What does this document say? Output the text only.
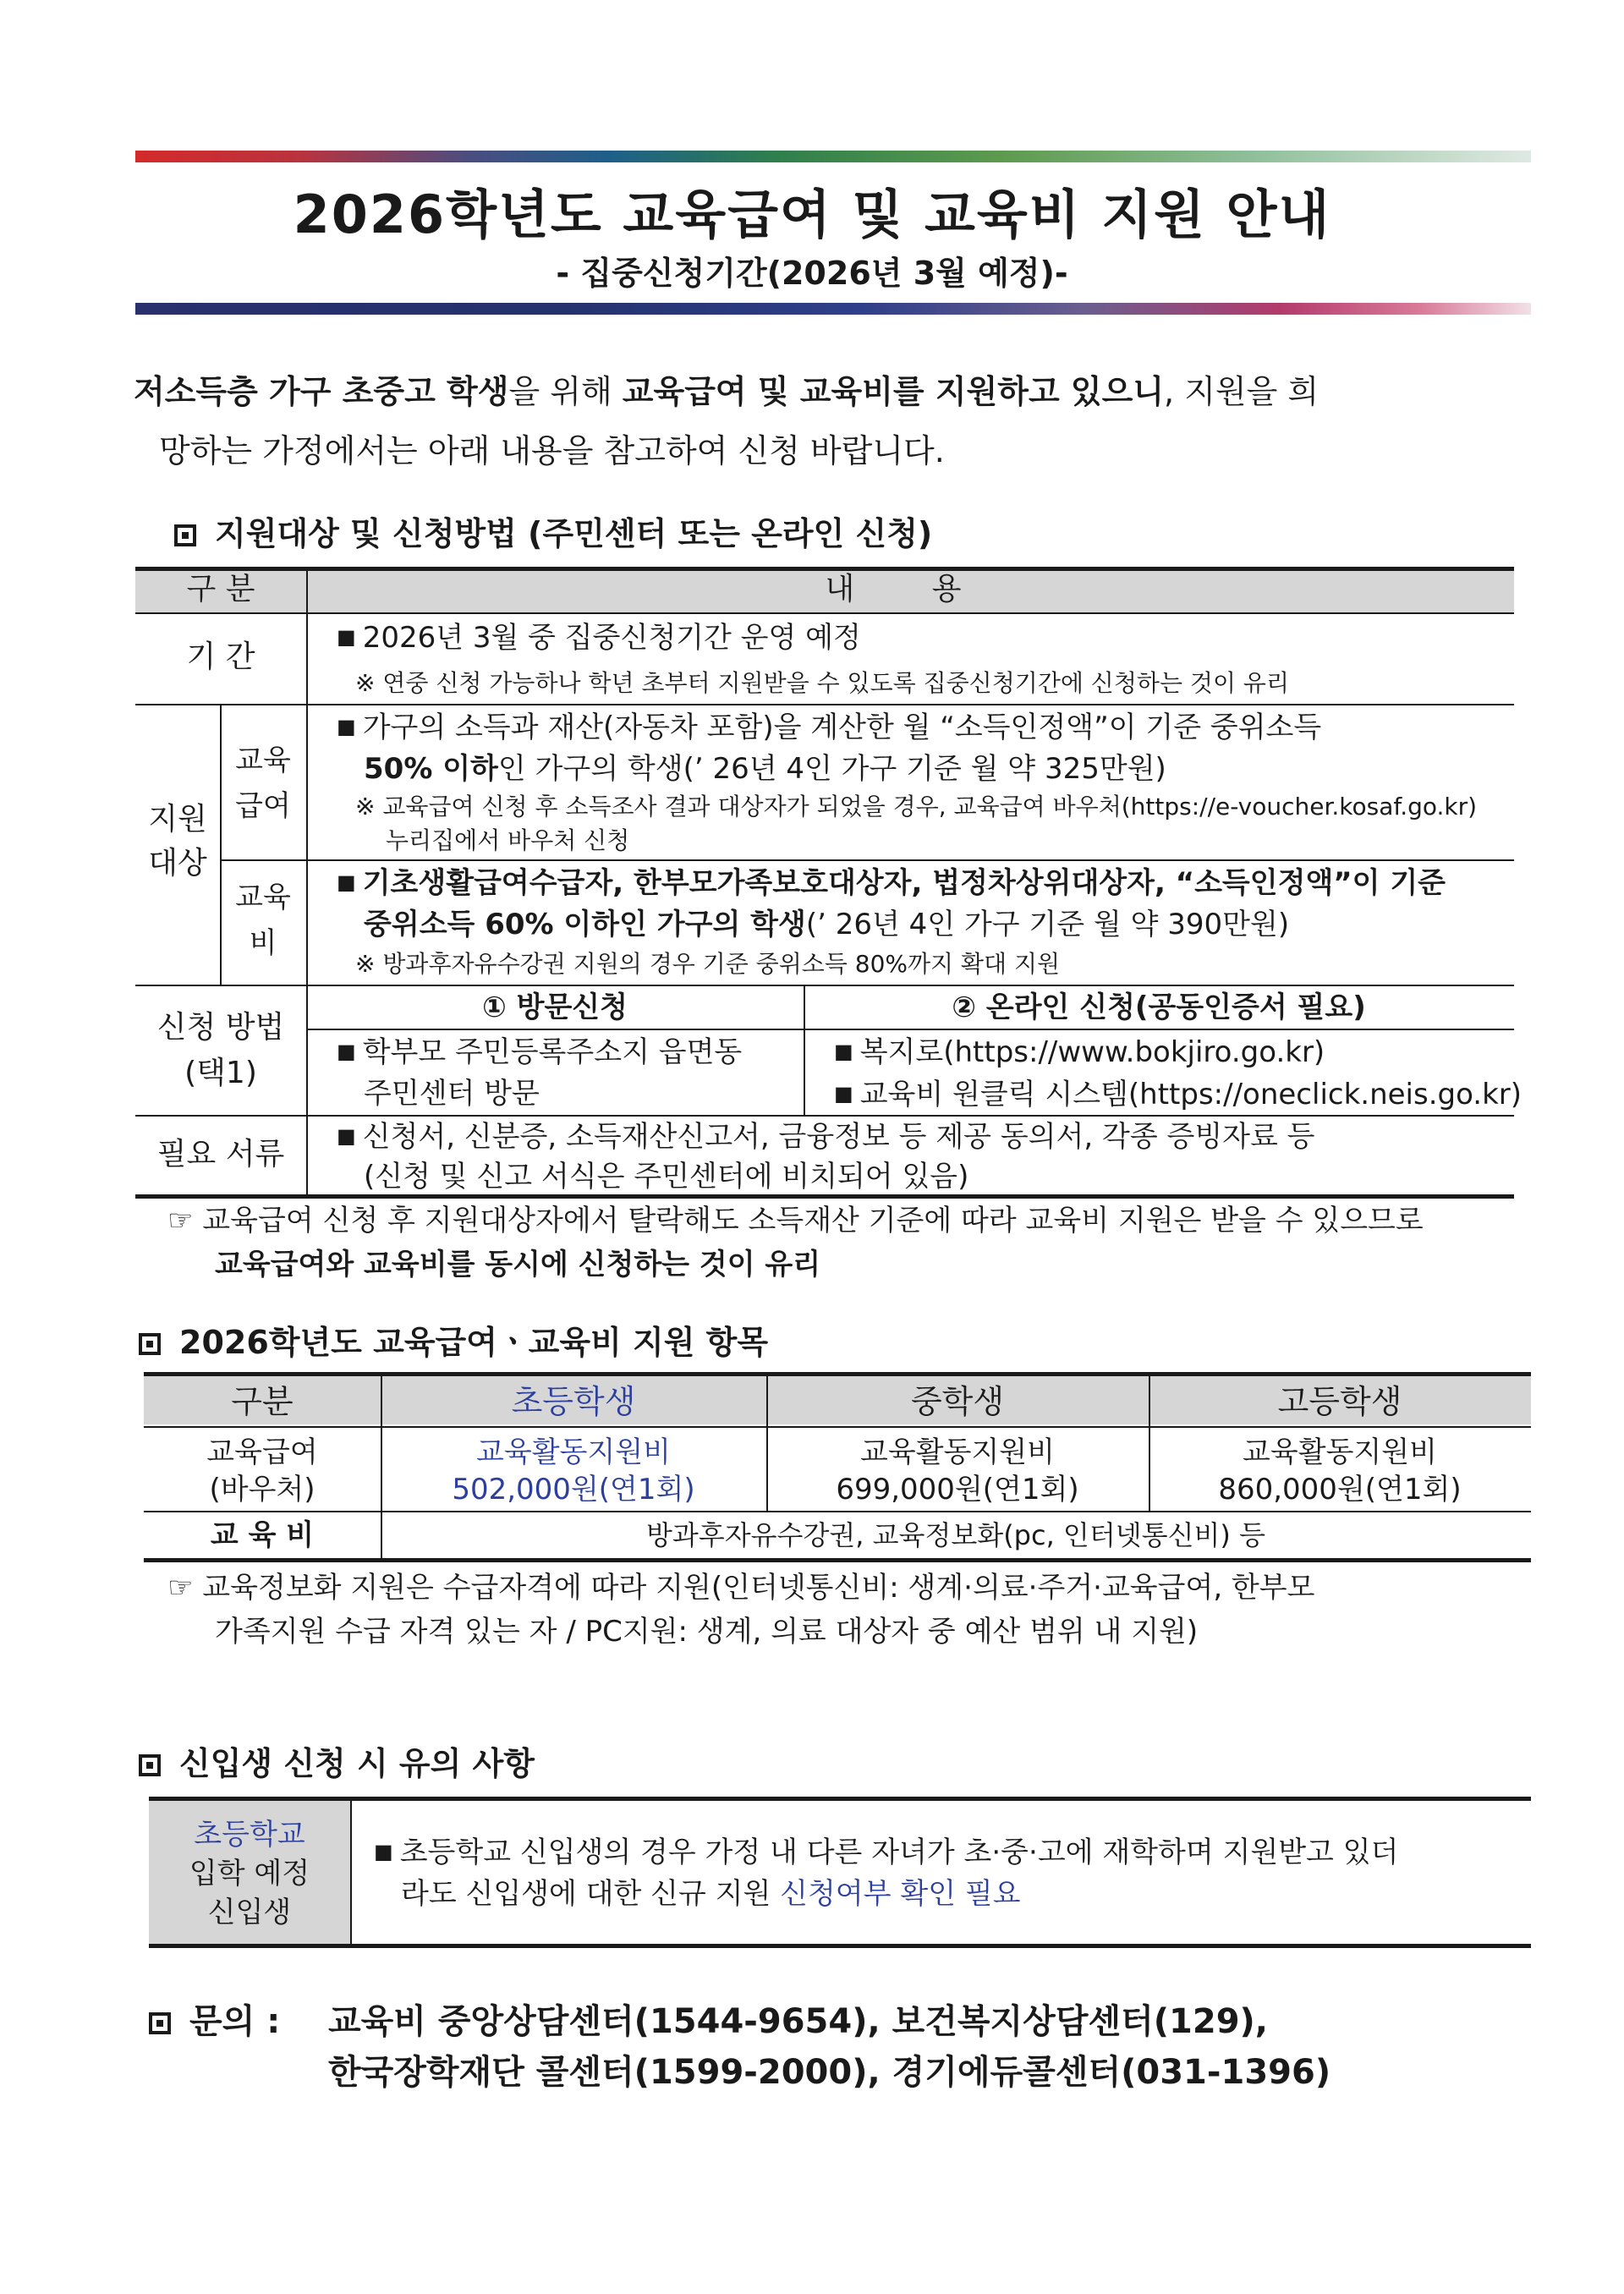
2026학년도 교육급여 및 교육비 지원 안내
- 집중신청기간(2026년 3월 예정)-
저소득층 가구 초중고 학생을 위해 교육급여 및 교육비를 지원하고 있으니, 지원을 희
망하는 가정에서는 아래 내용을 참고하여 신청 바랍니다.
지원대상 및 신청방법 (주민센터 또는 온라인 신청)
구 분	내 용
기 간
■ 2026년 3월 중 집중신청기간 운영 예정
※ 연중 신청 가능하나 학년 초부터 지원받을 수 있도록 집중신청기간에 신청하는 것이 유리
지원
대상
교육
급여
■ 가구의 소득과 재산(자동차 포함)을 계산한 월 “소득인정액”이 기준 중위소득
50% 이하인 가구의 학생(’ 26년 4인 가구 기준 월 약 325만원)
※ 교육급여 신청 후 소득조사 결과 대상자가 되었을 경우, 교육급여 바우처(https://e-voucher.kosaf.go.kr)
누리집에서 바우처 신청
교육
비
■ 기초생활급여수급자, 한부모가족보호대상자, 법정차상위대상자, “소득인정액”이 기준
중위소득 60% 이하인 가구의 학생(’ 26년 4인 가구 기준 월 약 390만원)
※ 방과후자유수강권 지원의 경우 기준 중위소득 80%까지 확대 지원
신청 방법
(택1)
① 방문신청	② 온라인 신청(공동인증서 필요)
■ 학부모 주민등록주소지 읍면동
주민센터 방문
■ 복지로(https://www.bokjiro.go.kr)
■ 교육비 원클릭 시스템(https://oneclick.neis.go.kr)
필요 서류
■	신청서, 신분증, 소득재산신고서, 금융정보 등 제공 동의서, 각종 증빙자료 등
(신청 및 신고 서식은 주민센터에 비치되어 있음)
☞ 교육급여 신청 후 지원대상자에서 탈락해도 소득재산 기준에 따라 교육비 지원은 받을 수 있으므로
교육급여와 교육비를 동시에 신청하는 것이 유리
2026학년도 교육급여ㆍ교육비 지원 항목
구분	초등학생	중학생	고등학생
교육급여
(바우처)
교육활동지원비
502,000원(연1회)
교육활동지원비
699,000원(연1회)
교육활동지원비
860,000원(연1회)
교 육 비	방과후자유수강권, 교육정보화(pc, 인터넷통신비) 등
☞ 교육정보화 지원은 수급자격에 따라 지원(인터넷통신비: 생계·의료·주거·교육급여, 한부모
가족지원 수급 자격 있는 자 / PC지원: 생계, 의료 대상자 중 예산 범위 내 지원)
신입생 신청 시 유의 사항
초등학교
입학 예정
신입생
■ 초등학교 신입생의 경우 가정 내 다른 자녀가 초·중·고에 재학하며 지원받고 있더
라도 신입생에 대한 신규 지원 신청여부 확인 필요
문의 : 교육비 중앙상담센터(1544-9654), 보건복지상담센터(129),
한국장학재단 콜센터(1599-2000), 경기에듀콜센터(031-1396)
